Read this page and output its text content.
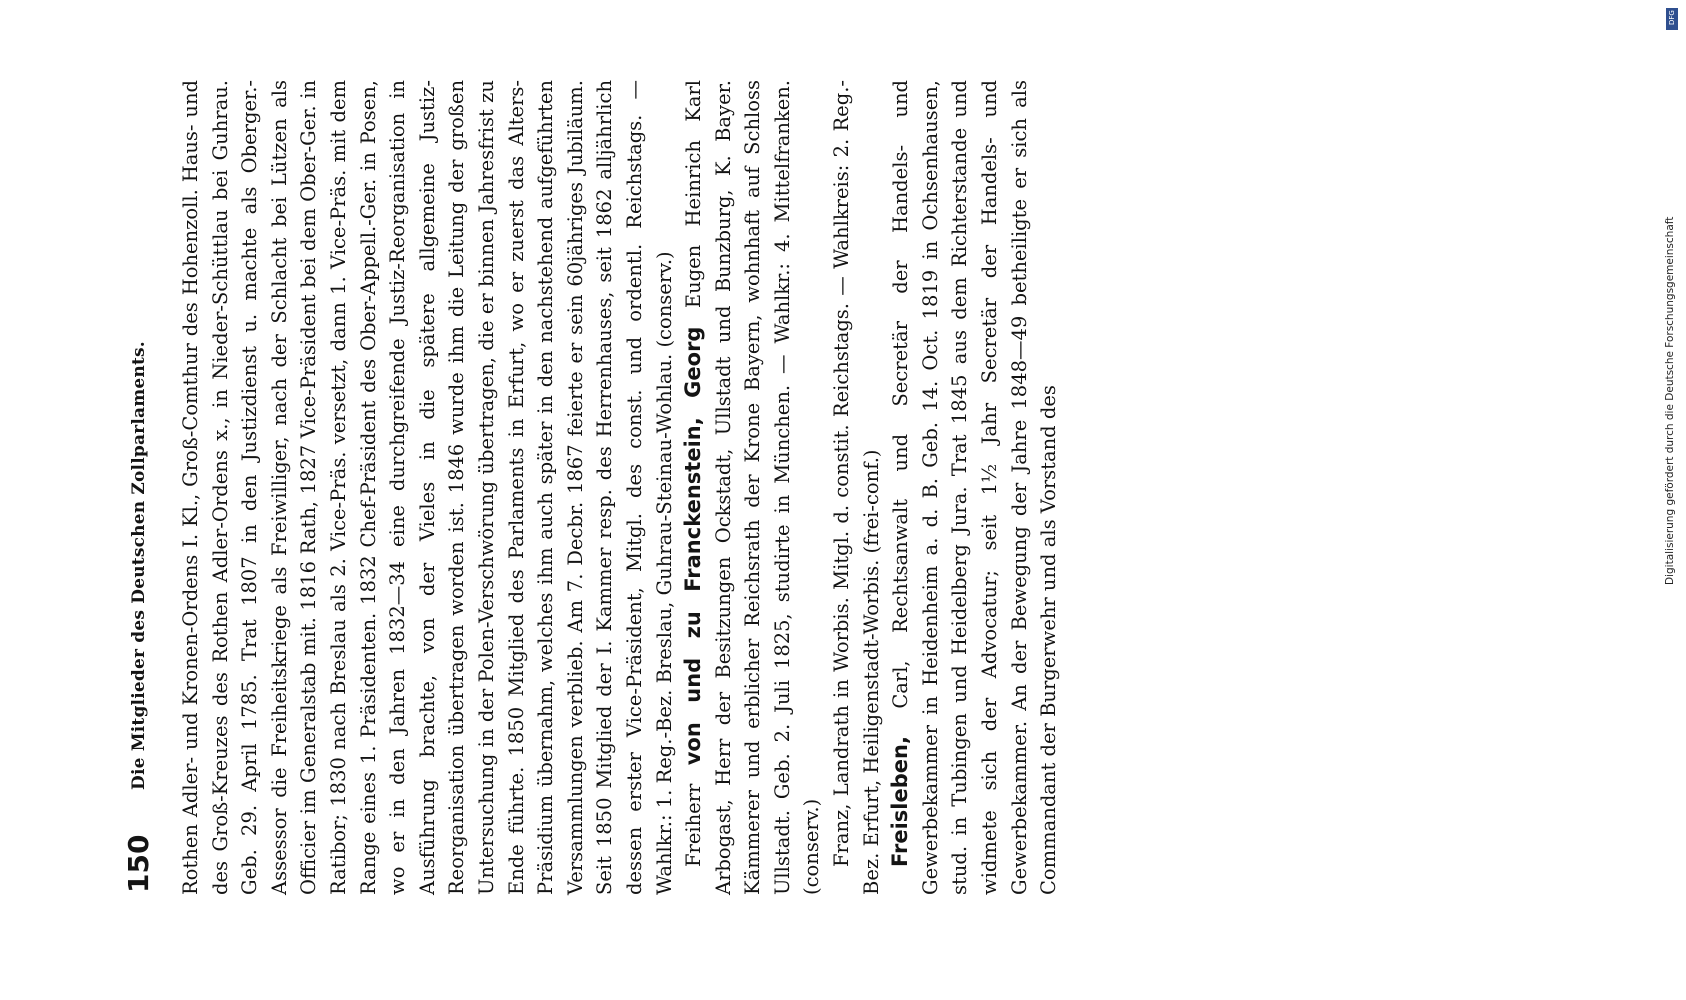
150
Die Mitglieder des Deutschen Zollparlaments. Rothen Adler- und Kronen-Ordens I. Kl., Groß-Comthur des Hohenzoll. Haus- und des Groß-Kreuzes des Rothen Adler-Ordens x., in Nieder-Schüttlau bei Guhrau. Geb. 29. April 1785. Trat 1807 in den Justizdienst u. machte als Oberger.-Assessor die Freiheitskriege als Freiwilliger, nach der Schlacht bei Lützen als Officier im Generalstab mit. 1816 Rath, 1827 Vice-Präsident bei dem Ober-Ger. in Ratibor; 1830 nach Breslau als 2. Vice-Präs. versetzt, dann 1. Vice-Präs. mit dem Range eines 1. Präsidenten. 1832 Chef-Präsident des Ober-Appell.-Ger. in Posen, wo er in den Jahren 1832—34 eine durchgreifende Justiz-Reorganisation in Ausführung brachte, von der Vieles in die spätere allgemeine Justiz-Reorganisation übertragen worden ist. 1846 wurde ihm die Leitung der großen Untersuchung in der Polen-Verschwörung übertragen, die er binnen Jahresfrist zu Ende führte. 1850 Mitglied des Parlaments in Erfurt, wo er zuerst das Alters-Präsidium übernahm, welches ihm auch später in den nachstehend aufgeführten Versammlungen verblieb. Am 7. Decbr. 1867 feierte er sein 60jähriges Jubiläum. Seit 1850 Mitglied der I. Kammer resp. des Herrenhauses, seit 1862 alljährlich dessen erster Vice-Präsident, Mitgl. des const. und ordentl. Reichstags. — Wahlkr.: 1. Reg.-Bez. Breslau, Guhrau-Steinau-Wohlau. (conserv.) Freiherr von und zu Franckenstein, Georg Eugen Heinrich Karl Arbogast, Herr der Besitzungen Ockstadt, Ullstadt und Bunzburg, K. Bayer. Kämmerer und erblicher Reichsrath der Krone Bayern, wohnhaft auf Schloss Ullstadt. Geb. 2. Juli 1825, studirte in München. — Wahlkr.: 4. Mittelfranken. (conserv.) Franz, Landrath in Worbis. Mitgl. d. constit. Reichstags. — Wahlkreis: 2. Reg.-Bez. Erfurt, Heiligenstadt-Worbis. (frei-conf.) Freisleben, Carl, Rechtsanwalt und Secretär der Handels- und Gewerbekammer in Heidenheim a. d. B. Geb. 14. Oct. 1819 in Ochsenhausen, stud. in Tubingen und Heidelberg Jura. Trat 1845 aus dem Richterstande und widmete sich der Advocatur; seit 1½ Jahr Secretär der Handels- und Gewerbekammer. An der Bewegung der Jahre 1848—49 betheiligte er sich als Commandant der Burgerwehr und als Vorstand des

DFG
Digitalisierung gefördert durch die Deutsche Forschungsgemeinschaft
